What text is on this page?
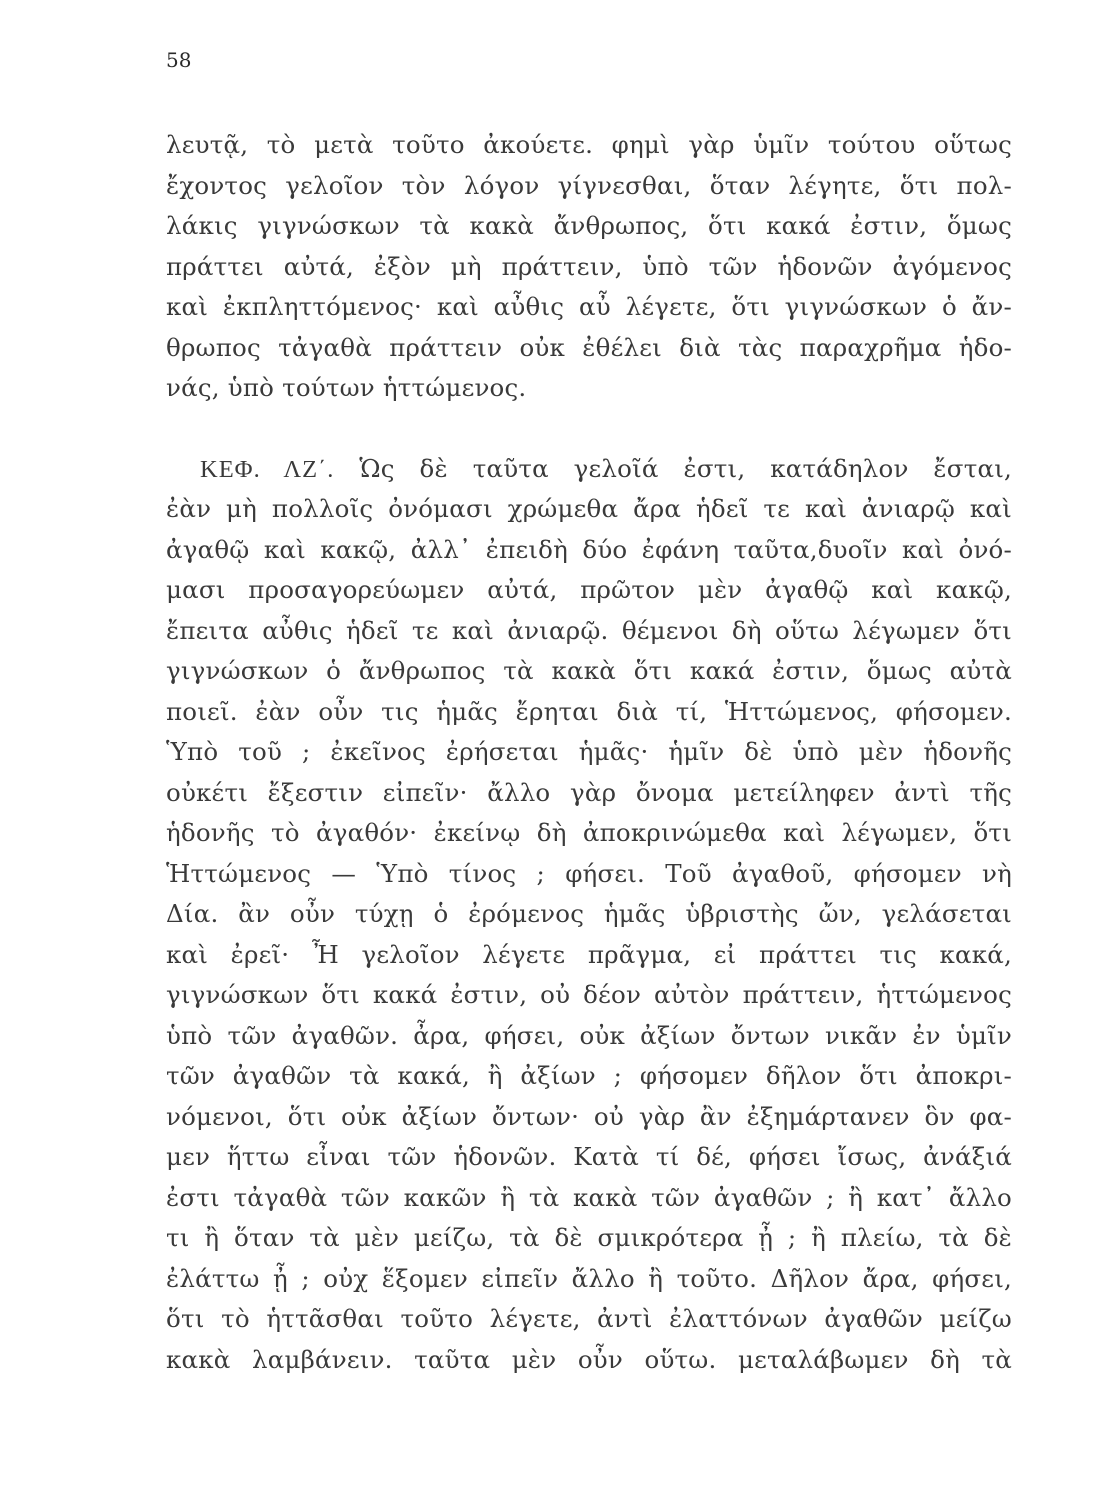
58
λευτᾷ, τὸ μετὰ τοῦτο ἀκούετε. φημὶ γὰρ ὑμῖν τούτου οὕτως
ἔχοντος γελοῖον τὸν λόγον γίγνεσθαι, ὅταν λέγητε, ὅτι πολ-
λάκις γιγνώσκων τὰ κακὰ ἄνθρωπος, ὅτι κακά ἐστιν, ὅμως
πράττει αὐτά, ἐξὸν μὴ πράττειν, ὑπὸ τῶν ἡδονῶν ἀγόμενος
καὶ ἐκπληττόμενος· καὶ αὖθις αὖ λέγετε, ὅτι γιγνώσκων ὁ ἄν-
θρωπος τἀγαθὰ πράττειν οὐκ ἐθέλει διὰ τὰς παραχρῆμα ἡδο-
νάς, ὑπὸ τούτων ἡττώμενος.
ΚΕΦ. ΛΖ΄. Ὡς δὲ ταῦτα γελοῖά ἐστι, κατάδηλον ἔσται,
ἐὰν μὴ πολλοῖς ὀνόμασι χρώμεθα ἄρα ἡδεῖ τε καὶ ἀνιαρῷ καὶ
ἀγαθῷ καὶ κακῷ, ἀλλ᾿ ἐπειδὴ δύο ἐφάνη ταῦτα,δυοῖν καὶ ὀνό-
μασι προσαγορεύωμεν αὐτά, πρῶτον μὲν ἀγαθῷ καὶ κακῷ,
ἔπειτα αὖθις ἡδεῖ τε καὶ ἀνιαρῷ. θέμενοι δὴ οὕτω λέγωμεν ὅτι
γιγνώσκων ὁ ἄνθρωπος τὰ κακὰ ὅτι κακά ἐστιν, ὅμως αὐτὰ
ποιεῖ. ἐὰν οὖν τις ἡμᾶς ἔρηται διὰ τί, Ἡττώμενος, φήσομεν.
Ὑπὸ τοῦ ; ἐκεῖνος ἐρήσεται ἡμᾶς· ἡμῖν δὲ ὑπὸ μὲν ἡδονῆς
οὐκέτι ἔξεστιν εἰπεῖν· ἄλλο γὰρ ὄνομα μετείληφεν ἀντὶ τῆς
ἡδονῆς τὸ ἀγαθόν· ἐκείνῳ δὴ ἀποκρινώμεθα καὶ λέγωμεν, ὅτι
Ἡττώμενος — Ὑπὸ τίνος ; φήσει. Τοῦ ἀγαθοῦ, φήσομεν νὴ
Δία. ἂν οὖν τύχῃ ὁ ἐρόμενος ἡμᾶς ὑβριστὴς ὤν, γελάσεται
καὶ ἐρεῖ· Ἦ γελοῖον λέγετε πρᾶγμα, εἰ πράττει τις κακά,
γιγνώσκων ὅτι κακά ἐστιν, οὐ δέον αὐτὸν πράττειν, ἡττώμενος
ὑπὸ τῶν ἀγαθῶν. ἆρα, φήσει, οὐκ ἀξίων ὄντων νικᾶν ἐν ὑμῖν
τῶν ἀγαθῶν τὰ κακά, ἢ ἀξίων ; φήσομεν δῆλον ὅτι ἀποκρι-
νόμενοι, ὅτι οὐκ ἀξίων ὄντων· οὐ γὰρ ἂν ἐξημάρτανεν ὃν φα-
μεν ἥττω εἶναι τῶν ἡδονῶν. Κατὰ τί δέ, φήσει ἴσως, ἀνάξιά
ἐστι τἀγαθὰ τῶν κακῶν ἢ τὰ κακὰ τῶν ἀγαθῶν ; ἢ κατ᾿ ἄλλο
τι ἢ ὅταν τὰ μὲν μείζω, τὰ δὲ σμικρότερα ᾖ ; ἢ πλείω, τὰ δὲ
ἐλάττω ᾖ ; οὐχ ἕξομεν εἰπεῖν ἄλλο ἢ τοῦτο. Δῆλον ἄρα, φήσει,
ὅτι τὸ ἡττᾶσθαι τοῦτο λέγετε, ἀντὶ ἐλαττόνων ἀγαθῶν μείζω
κακὰ λαμβάνειν. ταῦτα μὲν οὖν οὕτω. μεταλάβωμεν δὴ τὰ
